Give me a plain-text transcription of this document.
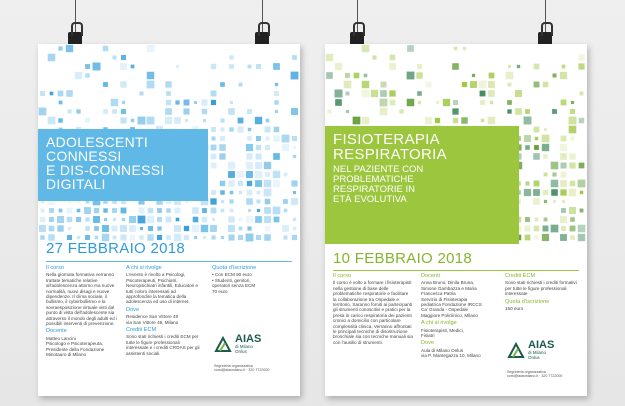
ADOLESCENTI
CONNESSI
E DIS-CONNESSI
DIGITALI
27 FEBBRAIO 2018
Il corso
Nella giornata formativa verranno trattate tematiche relative all'adolescenza attorno ma nuove normalità, nuovi disagi e nuove dipendenze. Il clima sociale, il bullismo, il cyberbullismo e la sovraesposizione virtuale visti dal punto di vista dell'adolescente sia attraverso il mondo degli adulti ed i possibili interventi di prevenzione.
Docente
Matteo Lancini
Psicologo e Psicoterapeuta,
Presidente della Fondazione
Minotauro di Milano
A chi si rivolge
L'evento è rivolto a Psicologi, Psicoterapeuti, Psichiatri, Neuropsichiatri infantili, Educatori e tutti coloro interessati ad approfondire la tematica della adolescenza ed uso di internet.
Dove
Residence San Vittore 49
via San Vittore 49, Milano
Crediti ECM
Sono stati richiesti i crediti ECM per tutte le figure professionali interessate e i crediti CROAS per gli assistenti sociali.
Quota d'iscrizione
• Con ECM 90 euro
• Studenti, genitori,
operatori senza ECM
70 euro
AIAS
di Milano
Onlus
Segreteria organizzativa
corsi@aiasmilano.it · 320 7722000
FISIOTERAPIA
RESPIRATORIA
NEL PAZIENTE CON
PROBLEMATICHE
RESPIRATORIE IN
ETÀ EVOLUTIVA
10 FEBBRAIO 2018
Il corso
Il corso è volto a formare i fisioterapisti nella gestione di base delle problematiche respiratorie e facilitare la collaborazione tra Ospedale e territorio. Saranno forniti ai partecipanti gli strumenti conoscitivi e pratici per la presa in carico respiratoria dei pazienti cronici a domicilio con particolare complessità clinica. Verranno affrontati le principali tecniche di disostruzione bronchiale sia con tecniche manuali sia con l'ausilio di strumenti.
Docenti
Anna Bruno, Dinila Bruna,
Simone Gambazza e Maria
Francesca Patria
Servizio di Fisioterapia
pediatrica Fondazione IRCCS
Ca' Granda - Ospedale
Maggiore Policlinico, Milano
A chi si rivolge
Fisioterapisti, Medici,
Fisiatri
Dove
Aula di Milano Onlus
via P. Mantegazza 10, Milano
Crediti ECM
Sono stati richiesti i crediti formativi per tutte le figure professionali interessate
Quota d'iscrizione
150 euro
AIAS
di Milano
Onlus
Segreteria organizzativa
corsi@aiasmilano.it · 320 7722000
